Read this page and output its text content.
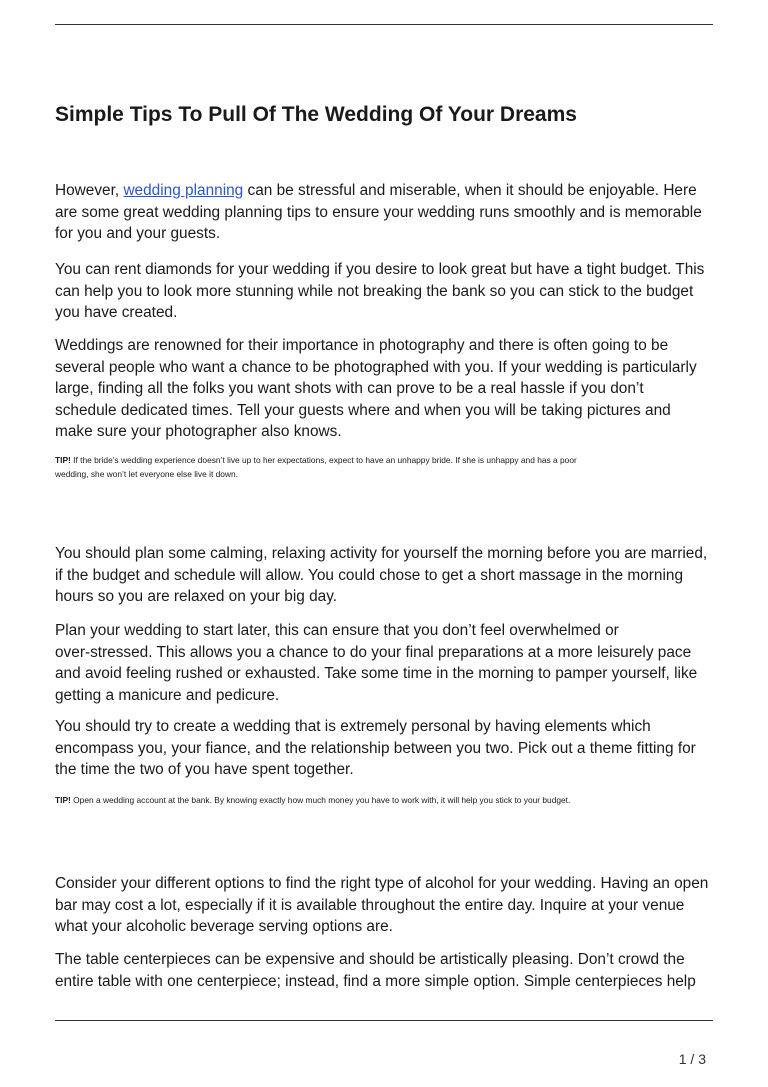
Simple Tips To Pull Of The Wedding Of Your Dreams

However, wedding planning can be stressful and miserable, when it should be enjoyable. Here
are some great wedding planning tips to ensure your wedding runs smoothly and is memorable
for you and your guests.

You can rent diamonds for your wedding if you desire to look great but have a tight budget. This
can help you to look more stunning while not breaking the bank so you can stick to the budget
you have created.

Weddings are renowned for their importance in photography and there is often going to be
several people who want a chance to be photographed with you. If your wedding is particularly
large, finding all the folks you want shots with can prove to be a real hassle if you don’t
schedule dedicated times. Tell your guests where and when you will be taking pictures and
make sure your photographer also knows.

TIP! If the bride’s wedding experience doesn’t live up to her expectations, expect to have an unhappy bride. If she is unhappy and has a poor
wedding, she won’t let everyone else live it down.

You should plan some calming, relaxing activity for yourself the morning before you are married,
if the budget and schedule will allow. You could chose to get a short massage in the morning
hours so you are relaxed on your big day.

Plan your wedding to start later, this can ensure that you don’t feel overwhelmed or
over-stressed. This allows you a chance to do your final preparations at a more leisurely pace
and avoid feeling rushed or exhausted. Take some time in the morning to pamper yourself, like
getting a manicure and pedicure.

You should try to create a wedding that is extremely personal by having elements which
encompass you, your fiance, and the relationship between you two. Pick out a theme fitting for
the time the two of you have spent together.

TIP! Open a wedding account at the bank. By knowing exactly how much money you have to work with, it will help you stick to your budget.

Consider your different options to find the right type of alcohol for your wedding. Having an open
bar may cost a lot, especially if it is available throughout the entire day. Inquire at your venue
what your alcoholic beverage serving options are.

The table centerpieces can be expensive and should be artistically pleasing. Don’t crowd the
entire table with one centerpiece; instead, find a more simple option. Simple centerpieces help

1 / 3
